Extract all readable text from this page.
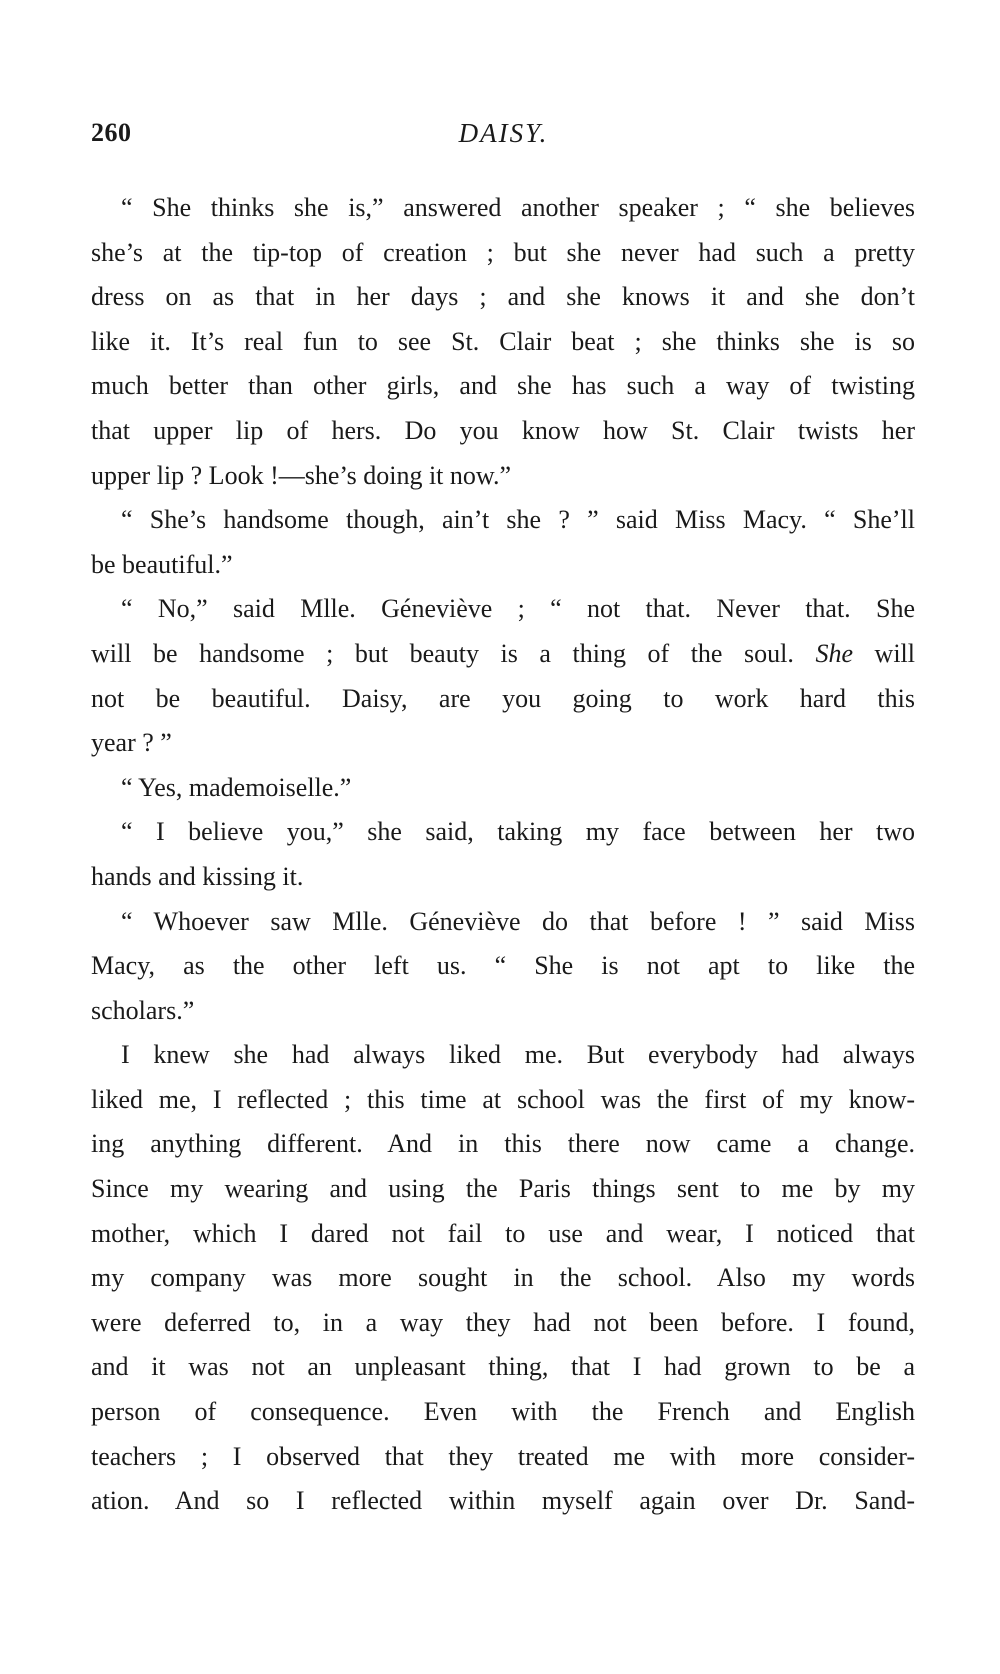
260	DAISY.
“ She thinks she is,” answered another speaker ; “ she believes
she’s at the tip-top of creation ; but she never had such a pretty
dress on as that in her days ; and she knows it and she don’t
like it. It’s real fun to see St. Clair beat ; she thinks she is so
much better than other girls, and she has such a way of twisting
that upper lip of hers. Do you know how St. Clair twists her
upper lip ? Look !—she’s doing it now.”
“ She’s handsome though, ain’t she ? ” said Miss Macy. “ She’ll
be beautiful.”
“ No,” said Mlle. Géneviève ; “ not that. Never that. She
will be handsome ; but beauty is a thing of the soul. She will
not be beautiful. Daisy, are you going to work hard this
year ? ”
“ Yes, mademoiselle.”
“ I believe you,” she said, taking my face between her two
hands and kissing it.
“ Whoever saw Mlle. Géneviève do that before ! ” said Miss
Macy, as the other left us. “ She is not apt to like the
scholars.”
I knew she had always liked me. But everybody had always
liked me, I reflected ; this time at school was the first of my know-
ing anything different. And in this there now came a change.
Since my wearing and using the Paris things sent to me by my
mother, which I dared not fail to use and wear, I noticed that
my company was more sought in the school. Also my words
were deferred to, in a way they had not been before. I found,
and it was not an unpleasant thing, that I had grown to be a
person of consequence. Even with the French and English
teachers ; I observed that they treated me with more consider-
ation. And so I reflected within myself again over Dr. Sand-
